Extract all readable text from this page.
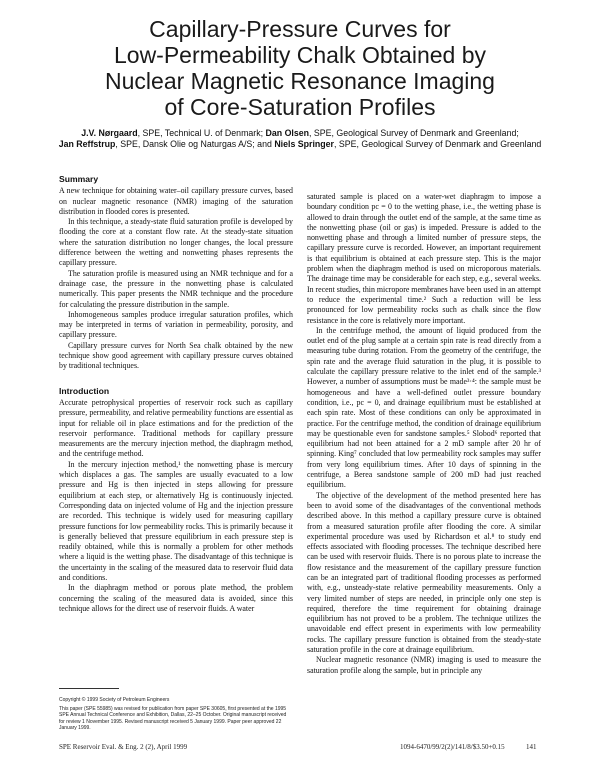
Capillary-Pressure Curves for
Low-Permeability Chalk Obtained by
Nuclear Magnetic Resonance Imaging
of Core-Saturation Profiles
J.V. Nørgaard, SPE, Technical U. of Denmark; Dan Olsen, SPE, Geological Survey of Denmark and Greenland;
Jan Reffstrup, SPE, Dansk Olie og Naturgas A/S; and Niels Springer, SPE, Geological Survey of Denmark and Greenland
Summary

A new technique for obtaining water–oil capillary pressure curves, based on nuclear magnetic resonance (NMR) imaging of the saturation distribution in flooded cores is presented.

In this technique, a steady-state fluid saturation profile is developed by flooding the core at a constant flow rate. At the steady-state situation where the saturation distribution no longer changes, the local pressure difference between the wetting and nonwetting phases represents the capillary pressure.

The saturation profile is measured using an NMR technique and for a drainage case, the pressure in the nonwetting phase is calculated numerically. This paper presents the NMR technique and the procedure for calculating the pressure distribution in the sample.

Inhomogeneous samples produce irregular saturation profiles, which may be interpreted in terms of variation in permeability, porosity, and capillary pressure.

Capillary pressure curves for North Sea chalk obtained by the new technique show good agreement with capillary pressure curves obtained by traditional techniques.

Introduction

Accurate petrophysical properties of reservoir rock such as capillary pressure, permeability, and relative permeability functions are essential as input for reliable oil in place estimations and for the prediction of the reservoir performance. Traditional methods for capillary pressure measurements are the mercury injection method, the diaphragm method, and the centrifuge method.

In the mercury injection method,¹ the nonwetting phase is mercury which displaces a gas. The samples are usually evacuated to a low pressure and Hg is then injected in steps allowing for pressure equilibrium at each step, or alternatively Hg is continuously injected. Corresponding data on injected volume of Hg and the injection pressure are recorded. This technique is widely used for measuring capillary pressure functions for low permeability rocks. This is primarily because it is generally believed that pressure equilibrium in each pressure step is readily obtained, while this is normally a problem for other methods where a liquid is the wetting phase. The disadvantage of this technique is the uncertainty in the scaling of the measured data to reservoir fluid data and conditions.

In the diaphragm method or porous plate method, the problem concerning the scaling of the measured data is avoided, since this technique allows for the direct use of reservoir fluids. A water

saturated sample is placed on a water-wet diaphragm to impose a boundary condition pc = 0 to the wetting phase, i.e., the wetting phase is allowed to drain through the outlet end of the sample, at the same time as the nonwetting phase (oil or gas) is impeded. Pressure is added to the nonwetting phase and through a limited number of pressure steps, the capillary pressure curve is recorded. However, an important requirement is that equilibrium is obtained at each pressure step. This is the major problem when the diaphragm method is used on microporous materials. The drainage time may be considerable for each step, e.g., several weeks. In recent studies, thin micropore membranes have been used in an attempt to reduce the experimental time.² Such a reduction will be less pronounced for low permeability rocks such as chalk since the flow resistance in the core is relatively more important.

In the centrifuge method, the amount of liquid produced from the outlet end of the plug sample at a certain spin rate is read directly from a measuring tube during rotation. From the geometry of the centrifuge, the spin rate and the average fluid saturation in the plug, it is possible to calculate the capillary pressure relative to the inlet end of the sample.³ However, a number of assumptions must be made³·⁴: the sample must be homogeneous and have a well-defined outlet pressure boundary condition, i.e., pc = 0, and drainage equilibrium must be established at each spin rate. Most of these conditions can only be approximated in practice. For the centrifuge method, the condition of drainage equilibrium may be questionable even for sandstone samples.⁵ Slobod⁶ reported that equilibrium had not been attained for a 2 mD sample after 20 hr of spinning. King⁷ concluded that low permeability rock samples may suffer from very long equilibrium times. After 10 days of spinning in the centrifuge, a Berea sandstone sample of 200 mD had just reached equilibrium.

The objective of the development of the method presented here has been to avoid some of the disadvantages of the conventional methods described above. In this method a capillary pressure curve is obtained from a measured saturation profile after flooding the core. A similar experimental procedure was used by Richardson et al.⁸ to study end effects associated with flooding processes. The technique described here can be used with reservoir fluids. There is no porous plate to increase the flow resistance and the measurement of the capillary pressure function can be an integrated part of traditional flooding processes as performed with, e.g., unsteady-state relative permeability measurements. Only a very limited number of steps are needed, in principle only one step is required, therefore the time requirement for obtaining drainage equilibrium has not proved to be a problem. The technique utilizes the unavoidable end effect present in experiments with low permeability rocks. The capillary pressure function is obtained from the steady-state saturation profile in the core at drainage equilibrium.

Nuclear magnetic resonance (NMR) imaging is used to measure the saturation profile along the sample, but in principle any

Copyright © 1999 Society of Petroleum Engineers
This paper (SPE 55985) was revised for publication from paper SPE 30605, first presented at the 1995 SPE Annual Technical Conference and Exhibition, Dallas, 22–25 October. Original manuscript received for review 1 November 1995. Revised manuscript received 5 January 1999. Paper peer approved 22 January 1999.
SPE Reservoir Eval. & Eng. 2 (2), April 1999	1094-6470/99/2(2)/141/8/$3.50+0.15	141
